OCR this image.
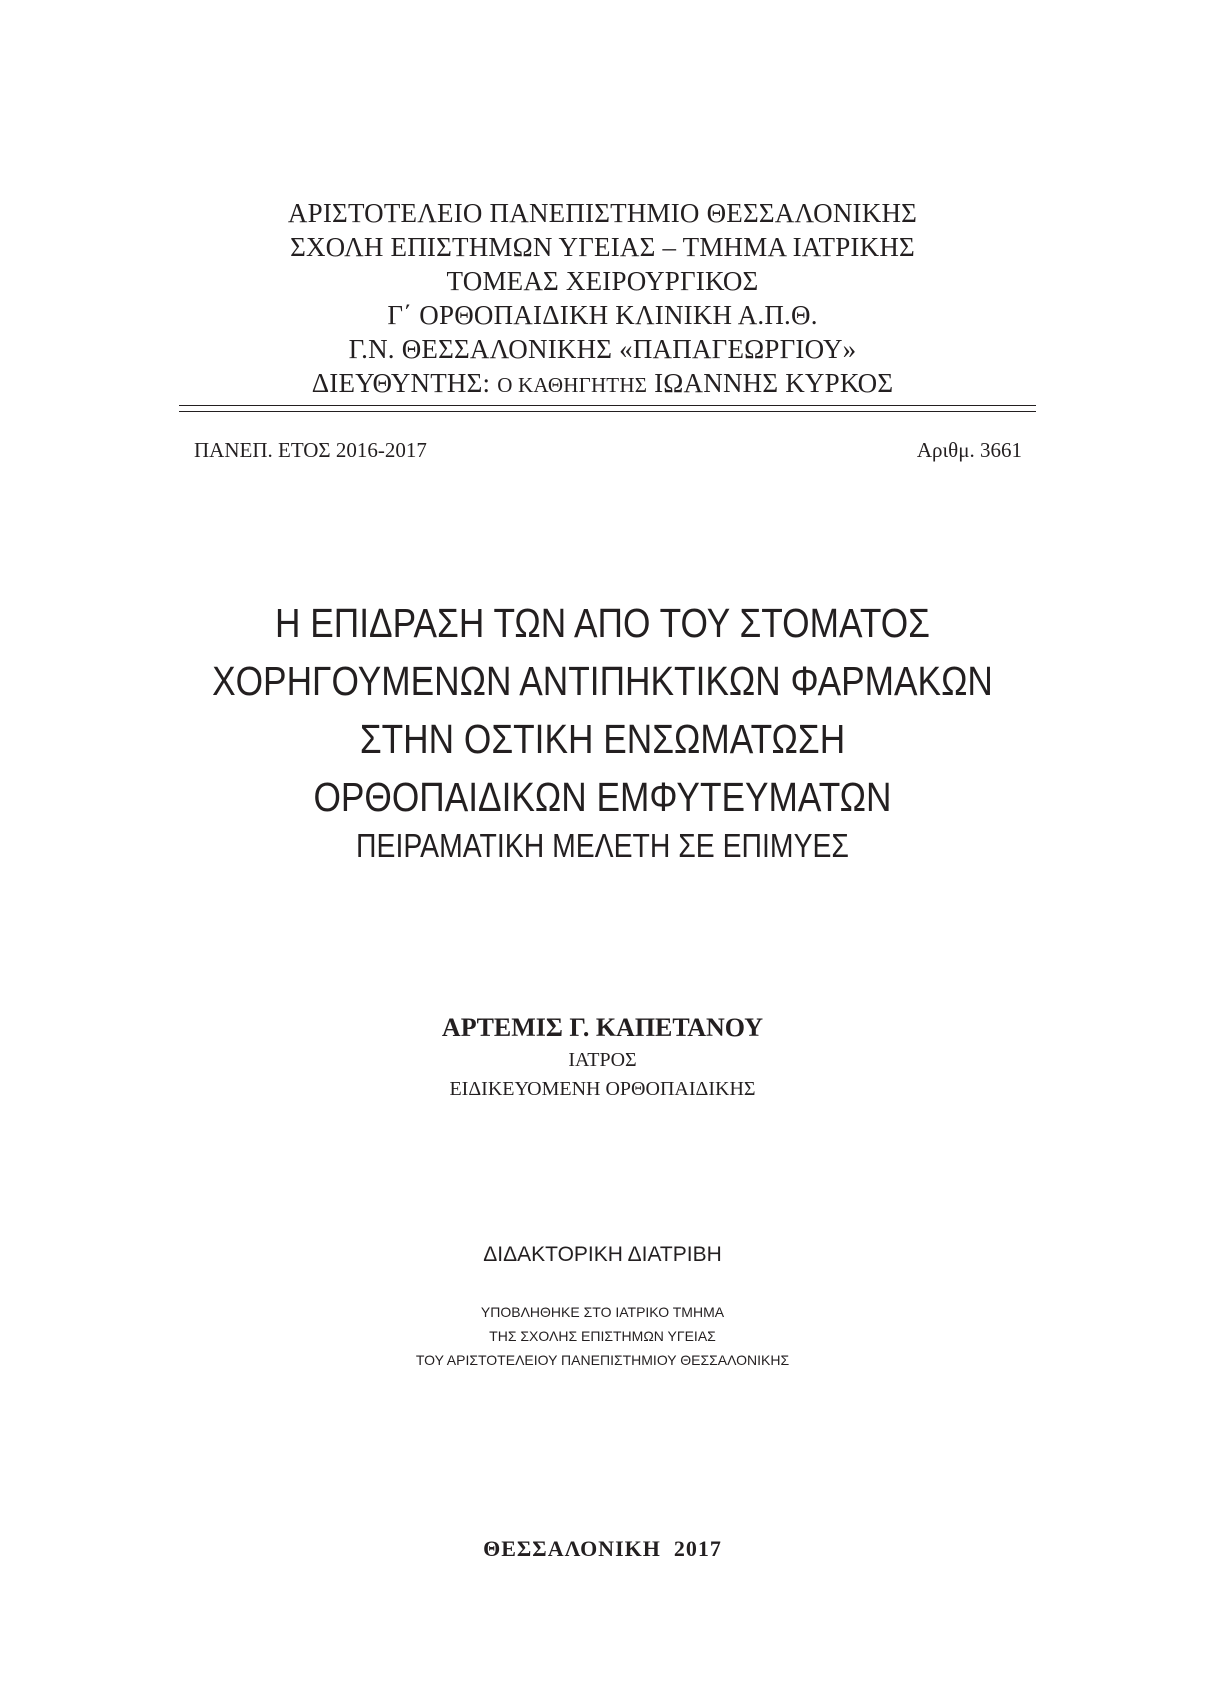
ΑΡΙΣΤΟΤΕΛΕΙΟ ΠΑΝΕΠΙΣΤΗΜΙΟ ΘΕΣΣΑΛΟΝΙΚΗΣ
ΣΧΟΛΗ ΕΠΙΣΤΗΜΩΝ ΥΓΕΙΑΣ – ΤΜΗΜΑ ΙΑΤΡΙΚΗΣ
ΤΟΜΕΑΣ ΧΕΙΡΟΥΡΓΙΚΟΣ
Γ΄ ΟΡΘΟΠΑΙΔΙΚΗ ΚΛΙΝΙΚΗ Α.Π.Θ.
Γ.Ν. ΘΕΣΣΑΛΟΝΙΚΗΣ «ΠΑΠΑΓΕΩΡΓΙΟΥ»
ΔΙΕΥΘΥΝΤΗΣ: Ο ΚΑΘΗΓΗΤΗΣ ΙΩΑΝΝΗΣ ΚΥΡΚΟΣ
ΠΑΝΕΠ. ΕΤΟΣ 2016-2017	Αριθμ. 3661
Η ΕΠΙΔΡΑΣΗ ΤΩΝ ΑΠΟ ΤΟΥ ΣΤΟΜΑΤΟΣ
ΧΟΡΗΓΟΥΜΕΝΩΝ ΑΝΤΙΠΗΚΤΙΚΩΝ ΦΑΡΜΑΚΩΝ
ΣΤΗΝ ΟΣΤΙΚΗ ΕΝΣΩΜΑΤΩΣΗ
ΟΡΘΟΠΑΙΔΙΚΩΝ ΕΜΦΥΤΕΥΜΑΤΩΝ
ΠΕΙΡΑΜΑΤΙΚΗ ΜΕΛΕΤΗ ΣΕ ΕΠΙΜΥΕΣ
ΑΡΤΕΜΙΣ Γ. ΚΑΠΕΤΑΝΟΥ
ΙΑΤΡΟΣ
ΕΙΔΙΚΕΥΟΜΕΝΗ ΟΡΘΟΠΑΙΔΙΚΗΣ
ΔΙΔΑΚΤΟΡΙΚΗ ΔΙΑΤΡΙΒΗ
ΥΠΟΒΛΗΘΗΚΕ ΣΤΟ ΙΑΤΡΙΚΟ ΤΜΗΜΑ
ΤΗΣ ΣΧΟΛΗΣ ΕΠΙΣΤΗΜΩΝ ΥΓΕΙΑΣ
ΤΟΥ ΑΡΙΣΤΟΤΕΛΕΙΟΥ ΠΑΝΕΠΙΣΤΗΜΙΟΥ ΘΕΣΣΑΛΟΝΙΚΗΣ
ΘΕΣΣΑΛΟΝΙΚΗ  2017
